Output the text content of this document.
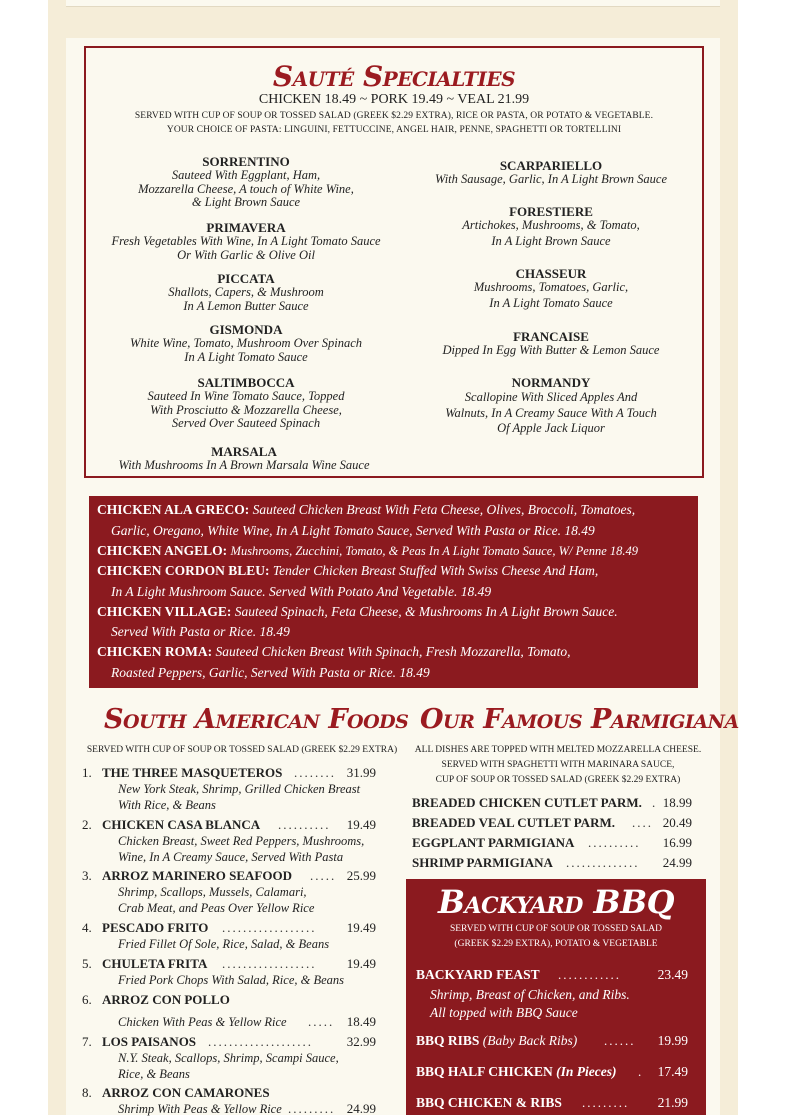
Sauté Specialties
CHICKEN 18.49 ~ PORK 19.49 ~ VEAL 21.99
SERVED WITH CUP OF SOUP OR TOSSED SALAD (GREEK $2.29 EXTRA), RICE OR PASTA, OR POTATO & VEGETABLE.
YOUR CHOICE OF PASTA: LINGUINI, FETTUCCINE, ANGEL HAIR, PENNE, SPAGHETTI OR TORTELLINI
SORRENTINO
Sauteed With Eggplant, Ham,
Mozzarella Cheese, A touch of White Wine,
& Light Brown Sauce
PRIMAVERA
Fresh Vegetables With Wine, In A Light Tomato Sauce
Or With Garlic & Olive Oil
PICCATA
Shallots, Capers, & Mushroom
In A Lemon Butter Sauce
GISMONDA
White Wine, Tomato, Mushroom Over Spinach
In A Light Tomato Sauce
SALTIMBOCCA
Sauteed In Wine Tomato Sauce, Topped
With Prosciutto & Mozzarella Cheese,
Served Over Sauteed Spinach
MARSALA
With Mushrooms In A Brown Marsala Wine Sauce
SCARPARIELLO
With Sausage, Garlic, In A Light Brown Sauce
FORESTIERE
Artichokes, Mushrooms, & Tomato,
In A Light Brown Sauce
CHASSEUR
Mushrooms, Tomatoes, Garlic,
In A Light Tomato Sauce
FRANCAISE
Dipped In Egg With Butter & Lemon Sauce
NORMANDY
Scallopine With Sliced Apples And
Walnuts, In A Creamy Sauce With A Touch
Of Apple Jack Liquor
CHICKEN ALA GRECO: Sauteed Chicken Breast With Feta Cheese, Olives, Broccoli, Tomatoes,
Garlic, Oregano, White Wine, In A Light Tomato Sauce, Served With Pasta or Rice. 18.49
CHICKEN ANGELO: Mushrooms, Zucchini, Tomato, & Peas In A Light Tomato Sauce, W/ Penne 18.49
CHICKEN CORDON BLEU: Tender Chicken Breast Stuffed With Swiss Cheese And Ham,
In A Light Mushroom Sauce. Served With Potato And Vegetable. 18.49
CHICKEN VILLAGE: Sauteed Spinach, Feta Cheese, & Mushrooms In A Light Brown Sauce.
Served With Pasta or Rice. 18.49
CHICKEN ROMA: Sauteed Chicken Breast With Spinach, Fresh Mozzarella, Tomato,
Roasted Peppers, Garlic, Served With Pasta or Rice. 18.49
South American Foods
SERVED WITH CUP OF SOUP OR TOSSED SALAD (GREEK $2.29 EXTRA)
1. THE THREE MASQUETEROS ........ 31.99
New York Steak, Shrimp, Grilled Chicken Breast
With Rice, & Beans
2. CHICKEN CASA BLANCA ..........	19.49
Chicken Breast, Sweet Red Peppers, Mushrooms,
Wine, In A Creamy Sauce, Served With Pasta
3. ARROZ MARINERO SEAFOOD ..... 25.99
Shrimp, Scallops, Mussels, Calamari,
Crab Meat, and Peas Over Yellow Rice
4. PESCADO FRITO ..................	19.49
Fried Fillet Of Sole, Rice, Salad, & Beans
5. CHULETA FRITA ..................	19.49
Fried Pork Chops With Salad, Rice, & Beans
6. ARROZ CON POLLO
Chicken With Peas & Yellow Rice ..... 18.49
7. LOS PAISANOS ....................	32.99
N.Y. Steak, Scallops, Shrimp, Scampi Sauce,
Rice, & Beans
8. ARROZ CON CAMARONES
Shrimp With Peas & Yellow Rice ......... 24.99
Our Famous Parmigiana
ALL DISHES ARE TOPPED WITH MELTED MOZZARELLA CHEESE.
SERVED WITH SPAGHETTI WITH MARINARA SAUCE,
CUP OF SOUP OR TOSSED SALAD (GREEK $2.29 EXTRA)
BREADED CHICKEN CUTLET PARM. . 18.99
BREADED VEAL CUTLET PARM. .... 20.49
EGGPLANT PARMIGIANA ..........	16.99
SHRIMP PARMIGIANA ..............	24.99
Backyard BBQ
SERVED WITH CUP OF SOUP OR TOSSED SALAD
(GREEK $2.29 EXTRA), POTATO & VEGETABLE
BACKYARD FEAST ............	23.49
Shrimp, Breast of Chicken, and Ribs.
All topped with BBQ Sauce
BBQ RIBS (Baby Back Ribs) ......	19.99
BBQ HALF CHICKEN (In Pieces) .	17.49
BBQ CHICKEN & RIBS .........	21.99
